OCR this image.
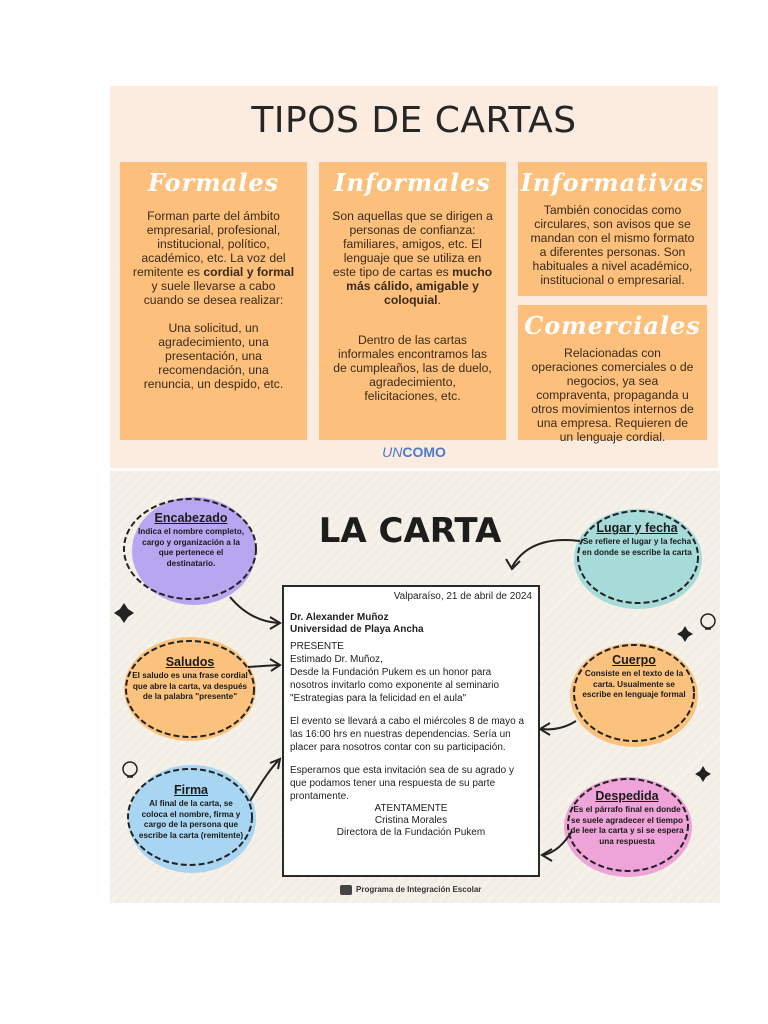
TIPOS DE CARTAS
Formales

Forman parte del ámbito empresarial, profesional, institucional, político, académico, etc. La voz del remitente es cordial y formal y suele llevarse a cabo cuando se desea realizar:

Una solicitud, un agradecimiento, una presentación, una recomendación, una renuncia, un despido, etc.

Informales

Son aquellas que se dirigen a personas de confianza: familiares, amigos, etc. El lenguaje que se utiliza en este tipo de cartas es mucho más cálido, amigable y coloquial.

Dentro de las cartas informales encontramos las de cumpleaños, las de duelo, agradecimiento, felicitaciones, etc.

Informativas

También conocidas como circulares, son avisos que se mandan con el mismo formato a diferentes personas. Son habituales a nivel académico, institucional o empresarial.

Comerciales

Relacionadas con operaciones comerciales o de negocios, ya sea compraventa, propaganda u otros movimientos internos de una empresa. Requieren de un lenguaje cordial.

UNCOMO
LA CARTA
Encabezado

Indica el nombre completo, cargo y organización a la que pertenece el destinatario.

Saludos

El saludo es una frase cordial que abre la carta, va después de la palabra "presente"

Firma

Al final de la carta, se coloca el nombre, firma y cargo de la persona que escribe la carta (remitente)

Lugar y fecha

Se refiere el lugar y la fecha en donde se escribe la carta

Cuerpo

Consiste en el texto de la carta. Usualmente se escribe en lenguaje formal

Despedida

Es el párrafo final en donde se suele agradecer el tiempo de leer la carta y si se espera una respuesta

Valparaíso, 21 de abril de 2024
Dr. Alexander Muñoz
Universidad de Playa Ancha
PRESENTE
Estimado Dr. Muñoz,
Desde la Fundación Pukem es un honor para nosotros invitarlo como exponente al seminario "Estrategias para la felicidad en el aula"
El evento se llevará a cabo el miércoles 8 de mayo a las 16:00 hrs en nuestras dependencias. Sería un placer para nosotros contar con su participación.
Esperamos que esta invitación sea de su agrado y que podamos tener una respuesta de su parte prontamente.
ATENTAMENTE
Cristina Morales
Directora de la Fundación Pukem
Programa de Integración Escolar
